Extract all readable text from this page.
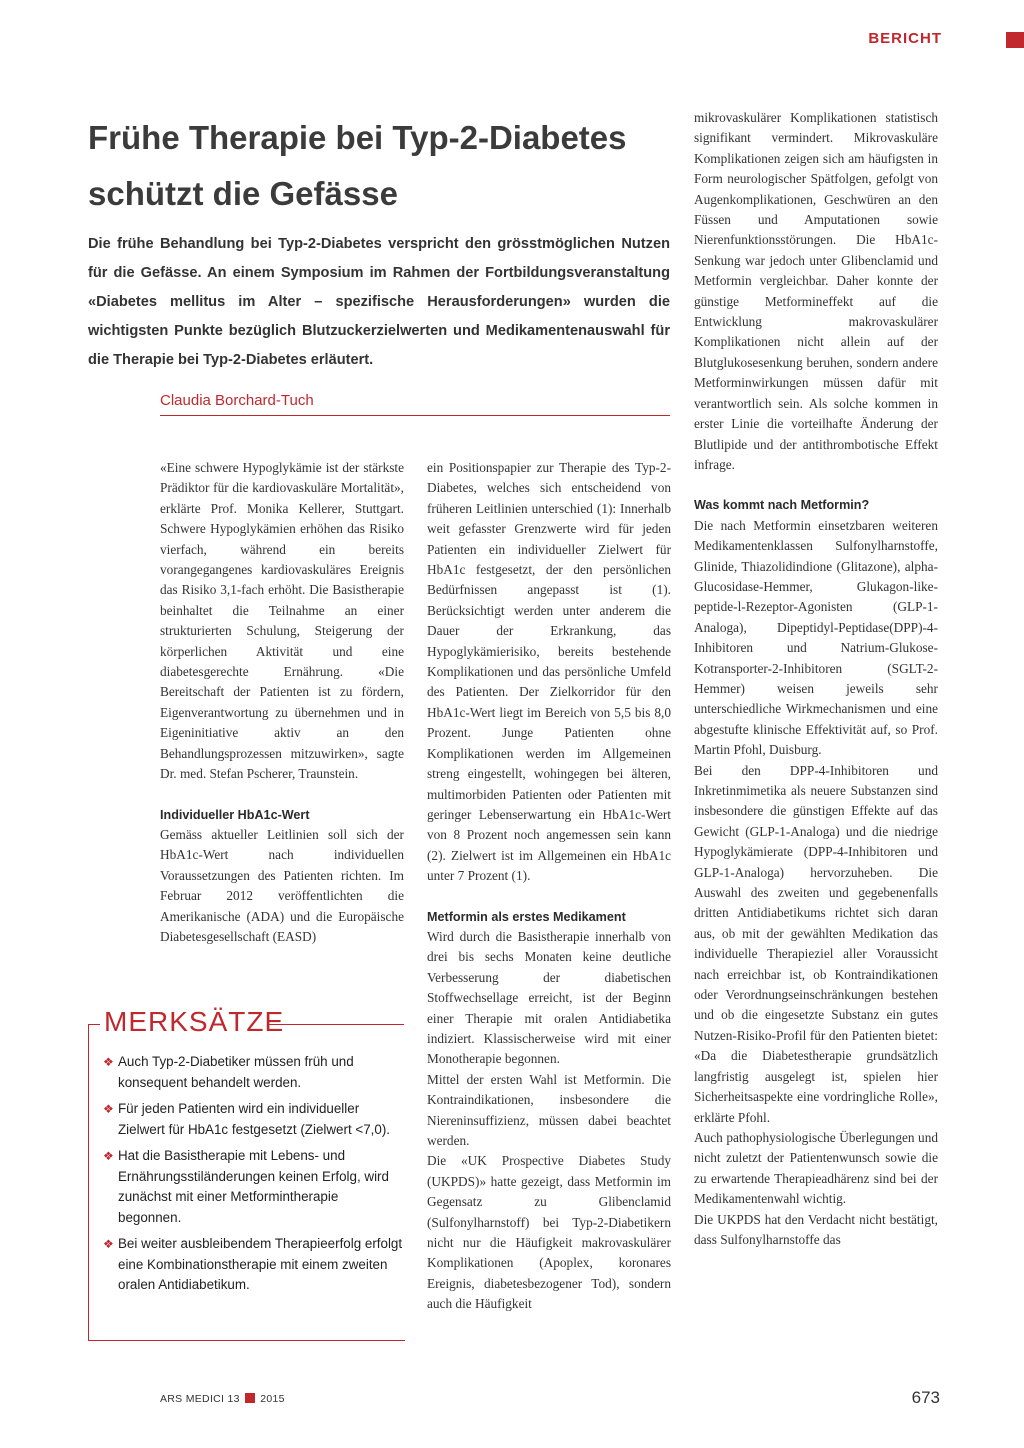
BERICHT
Frühe Therapie bei Typ-2-Diabetes
schützt die Gefässe

Die frühe Behandlung bei Typ-2-Diabetes verspricht den grösstmöglichen Nutzen für die Gefässe. An einem Symposium im Rahmen der Fortbildungsveranstaltung «Diabetes mellitus im Alter – spezifische Herausforderungen» wurden die wichtigsten Punkte bezüglich Blutzuckerzielwerten und Medikamentenauswahl für die Therapie bei Typ-2-Diabetes erläutert.

Claudia Borchard-Tuch

«Eine schwere Hypoglykämie ist der stärkste Prädiktor für die kardiovaskuläre Mortalität», erklärte Prof. Monika Kellerer, Stuttgart. Schwere Hypoglykämien erhöhen das Risiko vierfach, während ein bereits vorangegangenes kardiovaskuläres Ereignis das Risiko 3,1-fach erhöht. Die Basistherapie beinhaltet die Teilnahme an einer strukturierten Schulung, Steigerung der körperlichen Aktivität und eine diabetesgerechte Ernährung. «Die Bereitschaft der Patienten ist zu fördern, Eigenverantwortung zu übernehmen und in Eigeninitiative aktiv an den Behandlungsprozessen mitzuwirken», sagte Dr. med. Stefan Pscherer, Traunstein.

Individueller HbA1c-Wert

Gemäss aktueller Leitlinien soll sich der HbA1c-Wert nach individuellen Voraussetzungen des Patienten richten. Im Februar 2012 veröffentlichten die Amerikanische (ADA) und die Europäische Diabetesgesellschaft (EASD)

ein Positionspapier zur Therapie des Typ-2-Diabetes, welches sich entscheidend von früheren Leitlinien unterschied (1): Innerhalb weit gefasster Grenzwerte wird für jeden Patienten ein individueller Zielwert für HbA1c festgesetzt, der den persönlichen Bedürfnissen angepasst ist (1). Berücksichtigt werden unter anderem die Dauer der Erkrankung, das Hypoglykämierisiko, bereits bestehende Komplikationen und das persönliche Umfeld des Patienten. Der Zielkorridor für den HbA1c-Wert liegt im Bereich von 5,5 bis 8,0 Prozent. Junge Patienten ohne Komplikationen werden im Allgemeinen streng eingestellt, wohingegen bei älteren, multimorbiden Patienten oder Patienten mit geringer Lebenserwartung ein HbA1c-Wert von 8 Prozent noch angemessen sein kann (2). Zielwert ist im Allgemeinen ein HbA1c unter 7 Prozent (1).

Metformin als erstes Medikament

Wird durch die Basistherapie innerhalb von drei bis sechs Monaten keine deutliche Verbesserung der diabetischen Stoffwechsellage erreicht, ist der Beginn einer Therapie mit oralen Antidiabetika indiziert. Klassischerweise wird mit einer Monotherapie begonnen.

Mittel der ersten Wahl ist Metformin. Die Kontraindikationen, insbesondere die Niereninsuffizienz, müssen dabei beachtet werden.

Die «UK Prospective Diabetes Study (UKPDS)» hatte gezeigt, dass Metformin im Gegensatz zu Glibenclamid (Sulfonylharnstoff) bei Typ-2-Diabetikern nicht nur die Häufigkeit makrovaskulärer Komplikationen (Apoplex, koronares Ereignis, diabetesbezogener Tod), sondern auch die Häufigkeit

mikrovaskulärer Komplikationen statistisch signifikant vermindert. Mikrovaskuläre Komplikationen zeigen sich am häufigsten in Form neurologischer Spätfolgen, gefolgt von Augenkomplikationen, Geschwüren an den Füssen und Amputationen sowie Nierenfunktionsstörungen. Die HbA1c-Senkung war jedoch unter Glibenclamid und Metformin vergleichbar. Daher konnte der günstige Metformineffekt auf die Entwicklung makrovaskulärer Komplikationen nicht allein auf der Blutglukosesenkung beruhen, sondern andere Metforminwirkungen müssen dafür mit verantwortlich sein. Als solche kommen in erster Linie die vorteilhafte Änderung der Blutlipide und der antithrombotische Effekt infrage.

Was kommt nach Metformin?

Die nach Metformin einsetzbaren weiteren Medikamentenklassen Sulfonylharnstoffe, Glinide, Thiazolidindione (Glitazone), alpha-Glucosidase-Hemmer, Glukagon-like-peptide-l-Rezeptor-Agonisten (GLP-1-Analoga), Dipeptidyl-Peptidase(DPP)-4-Inhibitoren und Natrium-Glukose-Kotransporter-2-Inhibitoren (SGLT-2-Hemmer) weisen jeweils sehr unterschiedliche Wirkmechanismen und eine abgestufte klinische Effektivität auf, so Prof. Martin Pfohl, Duisburg.

Bei den DPP-4-Inhibitoren und Inkretinmimetika als neuere Substanzen sind insbesondere die günstigen Effekte auf das Gewicht (GLP-1-Analoga) und die niedrige Hypoglykämierate (DPP-4-Inhibitoren und GLP-1-Analoga) hervorzuheben. Die Auswahl des zweiten und gegebenenfalls dritten Antidiabetikums richtet sich daran aus, ob mit der gewählten Medikation das individuelle Therapieziel aller Voraussicht nach erreichbar ist, ob Kontraindikationen oder Verordnungseinschränkungen bestehen und ob die eingesetzte Substanz ein gutes Nutzen-Risiko-Profil für den Patienten bietet: «Da die Diabetestherapie grundsätzlich langfristig ausgelegt ist, spielen hier Sicherheitsaspekte eine vordringliche Rolle», erklärte Pfohl.

Auch pathophysiologische Überlegungen und nicht zuletzt der Patientenwunsch sowie die zu erwartende Therapieadhärenz sind bei der Medikamentenwahl wichtig.

Die UKPDS hat den Verdacht nicht bestätigt, dass Sulfonylharnstoffe das

MERKSÄTZE
❖ Auch Typ-2-Diabetiker müssen früh und konsequent behandelt werden.
❖ Für jeden Patienten wird ein individueller Zielwert für HbA1c festgesetzt (Zielwert <7,0).
❖ Hat die Basistherapie mit Lebens- und Ernährungsstiländerungen keinen Erfolg, wird zunächst mit einer Metformintherapie begonnen.
❖ Bei weiter ausbleibendem Therapieerfolg erfolgt eine Kombinationstherapie mit einem zweiten oralen Antidiabetikum.
ARS MEDICI 13 2015	673
